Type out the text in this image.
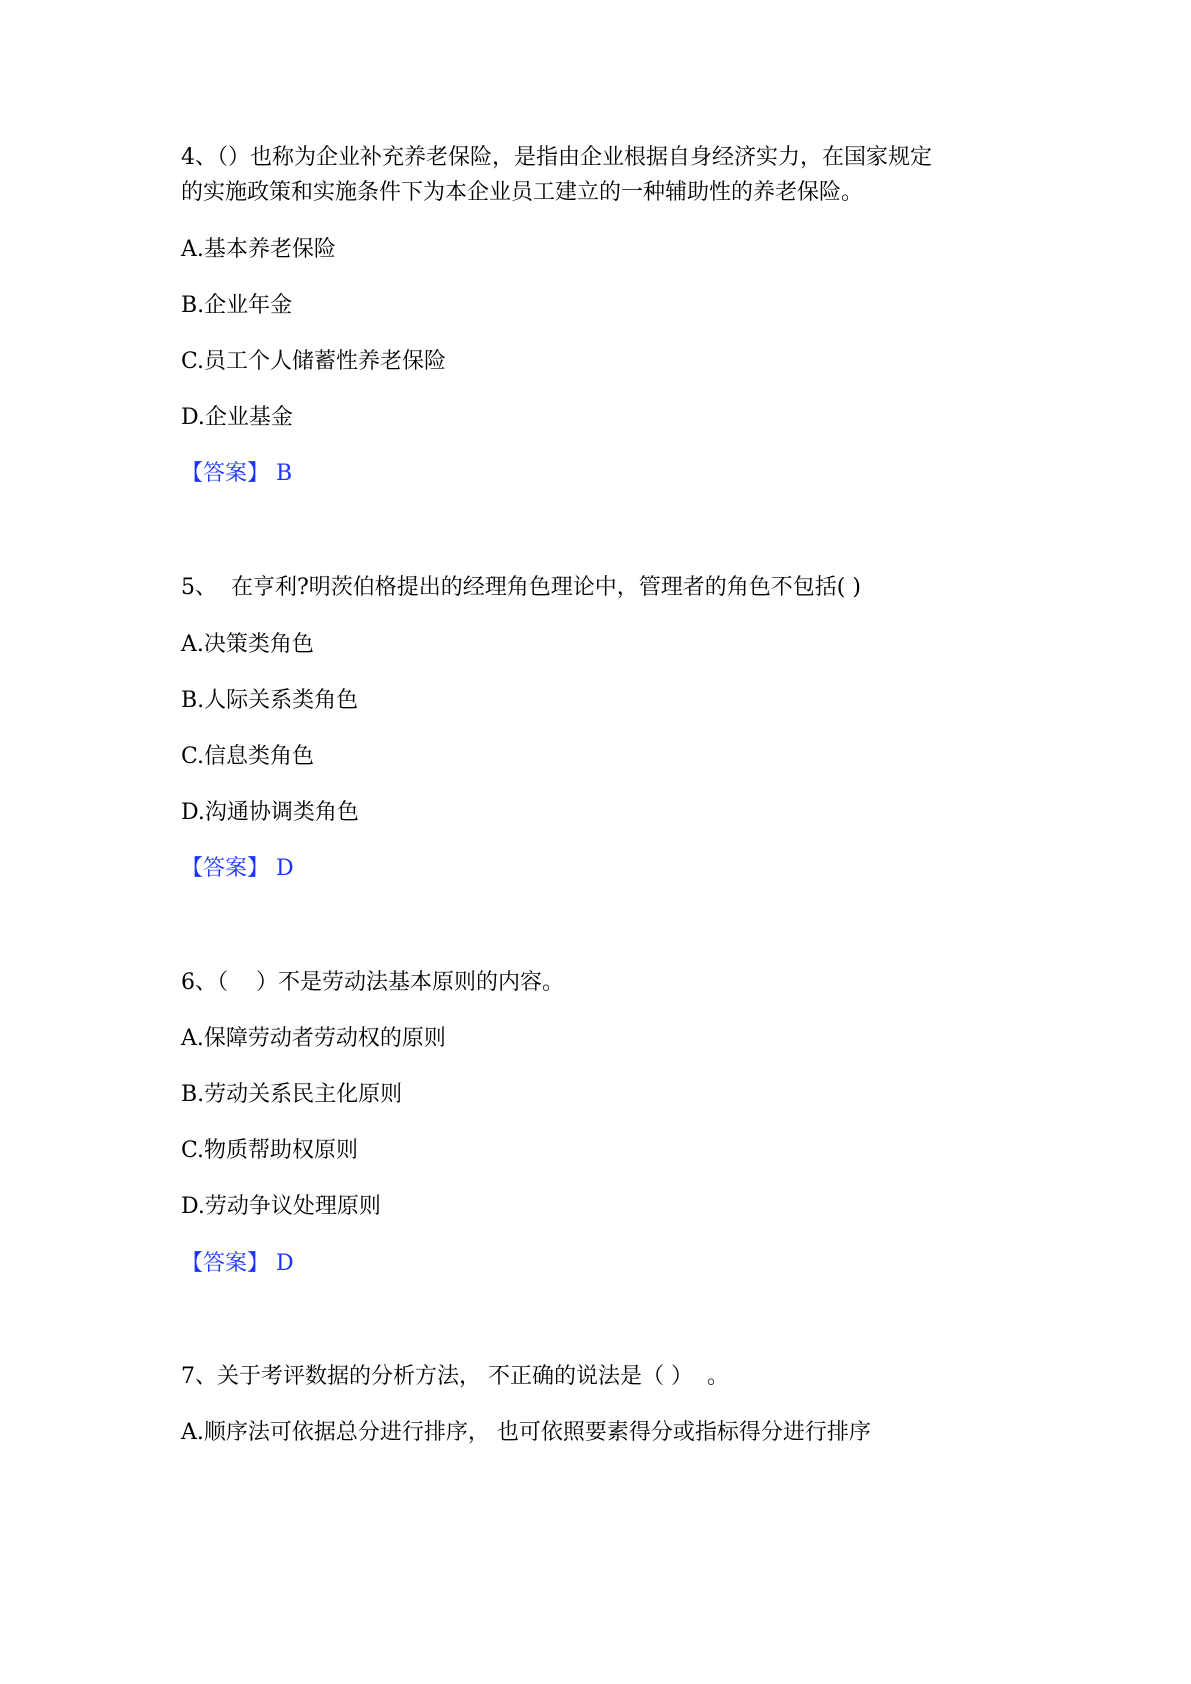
4、（）也称为企业补充养老保险，是指由企业根据自身经济实力，在国家规定
的实施政策和实施条件下为本企业员工建立的一种辅助性的养老保险。
A.基本养老保险
B.企业年金
C.员工个人储蓄性养老保险
D.企业基金
【答案】 B
5、  在亨利?明茨伯格提出的经理角色理论中，管理者的角色不包括( )
A.决策类角色
B.人际关系类角色
C.信息类角色
D.沟通协调类角色
【答案】 D
6、（    ）不是劳动法基本原则的内容。
A.保障劳动者劳动权的原则
B.劳动关系民主化原则
C.物质帮助权原则
D.劳动争议处理原则
【答案】 D
7、关于考评数据的分析方法， 不正确的说法是（ ）  。
A.顺序法可依据总分进行排序， 也可依照要素得分或指标得分进行排序
